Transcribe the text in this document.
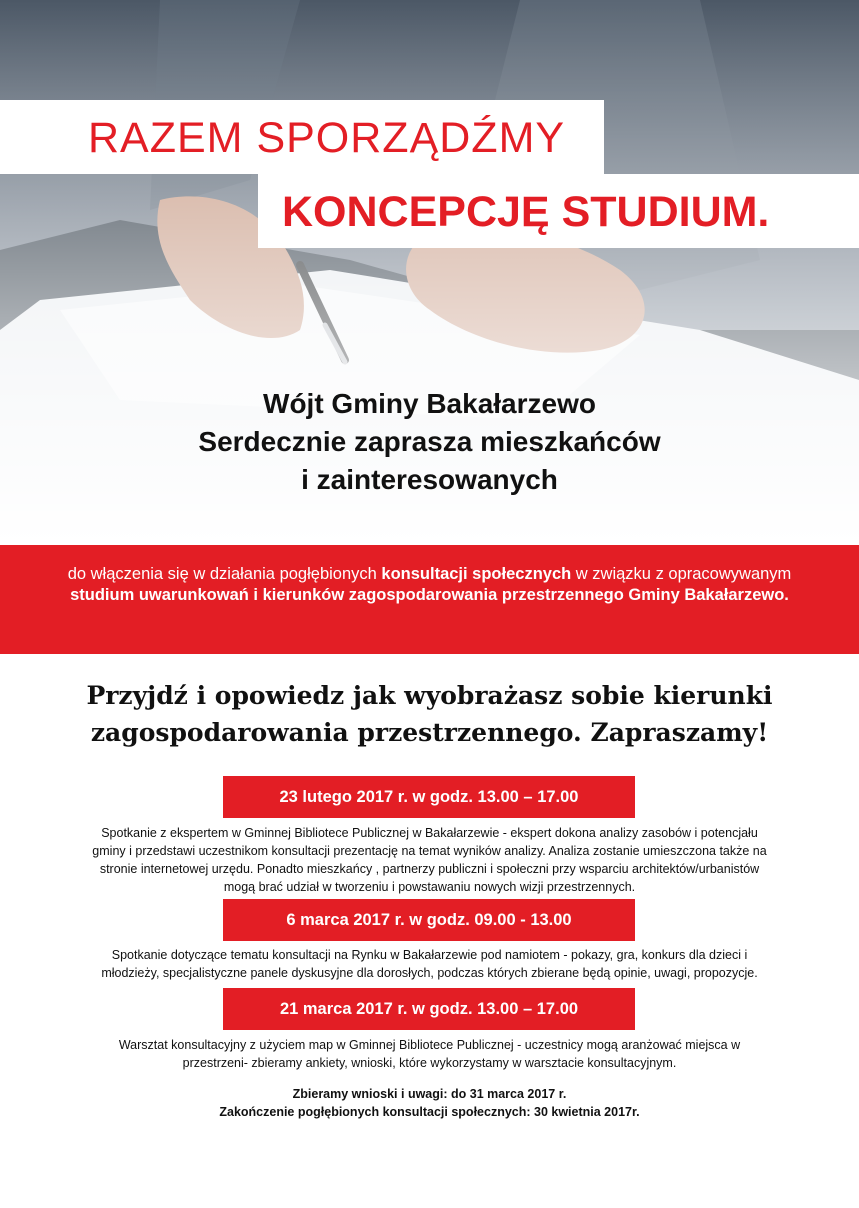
RAZEM SPORZĄDŹMY
KONCEPCJĘ STUDIUM.
Wójt Gminy Bakałarzewo
Serdecznie zaprasza mieszkańców
i zainteresowanych

do włączenia się w działania pogłębionych konsultacji społecznych w związku z opracowywanym studium uwarunkowań i kierunków zagospodarowania przestrzennego Gminy Bakałarzewo.

Przyjdź i opowiedz jak wyobrażasz sobie kierunki
zagospodarowania przestrzennego. Zapraszamy!
23 lutego 2017 r. w godz. 13.00 – 17.00
Spotkanie z ekspertem w Gminnej Bibliotece Publicznej w Bakałarzewie - ekspert dokona analizy zasobów i potencjału
gminy i przedstawi uczestnikom konsultacji prezentację na temat wyników analizy. Analiza zostanie umieszczona także na
stronie internetowej urzędu. Ponadto mieszkańcy , partnerzy publiczni i społeczni przy wsparciu architektów/urbanistów
mogą brać udział w tworzeniu i powstawaniu nowych wizji przestrzennych.
6 marca 2017 r. w godz. 09.00 - 13.00
Spotkanie dotyczące tematu konsultacji na Rynku w Bakałarzewie pod namiotem - pokazy, gra, konkurs dla dzieci i
młodzieży, specjalistyczne panele dyskusyjne dla dorosłych, podczas których zbierane będą opinie, uwagi, propozycje.
21 marca 2017 r. w godz. 13.00 – 17.00
Warsztat konsultacyjny z użyciem map w Gminnej Bibliotece Publicznej - uczestnicy mogą aranżować miejsca w
przestrzeni- zbieramy ankiety, wnioski, które wykorzystamy w warsztacie konsultacyjnym.
Zbieramy wnioski i uwagi: do 31 marca 2017 r.
Zakończenie pogłębionych konsultacji społecznych: 30 kwietnia 2017r.
